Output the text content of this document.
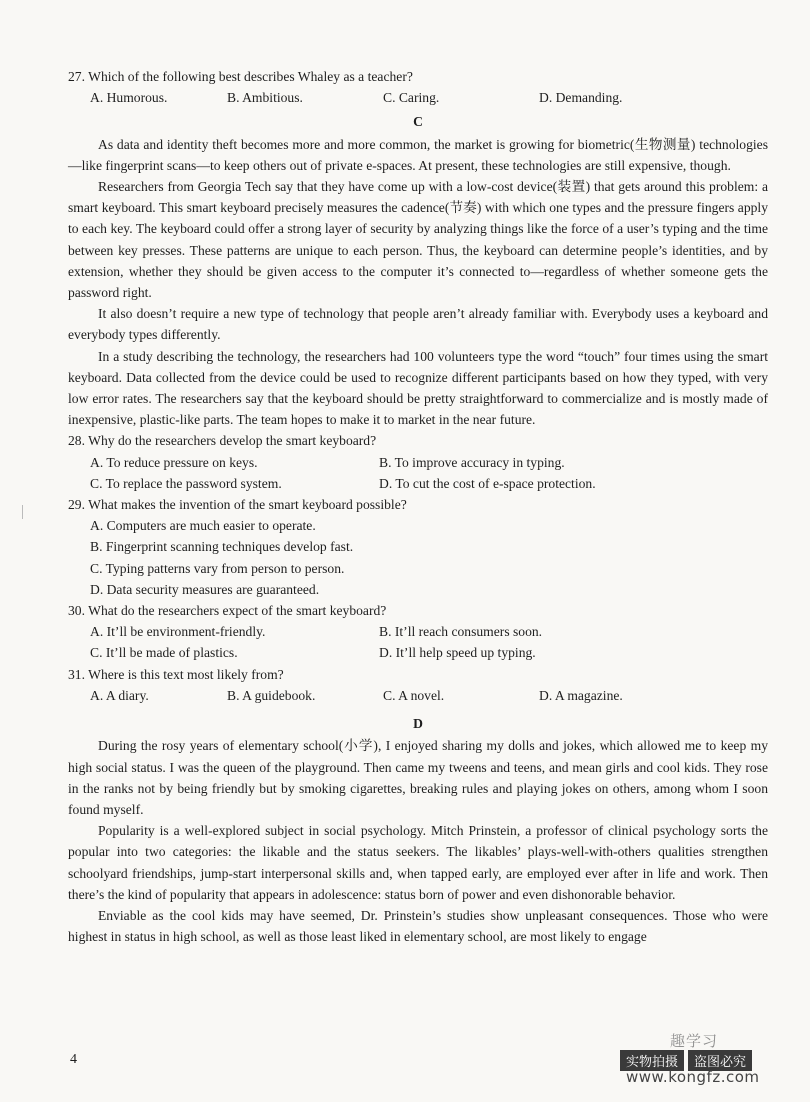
27. Which of the following best describes Whaley as a teacher?

A. Humorous.	B. Ambitious.	C. Caring.	D. Demanding.
C

As data and identity theft becomes more and more common, the market is growing for biometric(生物测量) technologies—like fingerprint scans—to keep others out of private e-spaces. At present, these technologies are still expensive, though.

Researchers from Georgia Tech say that they have come up with a low-cost device(装置) that gets around this problem: a smart keyboard. This smart keyboard precisely measures the cadence(节奏) with which one types and the pressure fingers apply to each key. The keyboard could offer a strong layer of security by analyzing things like the force of a user’s typing and the time between key presses. These patterns are unique to each person. Thus, the keyboard can determine people’s identities, and by extension, whether they should be given access to the computer it’s connected to—regardless of whether someone gets the password right.

It also doesn’t require a new type of technology that people aren’t already familiar with. Everybody uses a keyboard and everybody types differently.

In a study describing the technology, the researchers had 100 volunteers type the word “touch” four times using the smart keyboard. Data collected from the device could be used to recognize different participants based on how they typed, with very low error rates. The researchers say that the keyboard should be pretty straightforward to commercialize and is mostly made of inexpensive, plastic-like parts. The team hopes to make it to market in the near future.

28. Why do the researchers develop the smart keyboard?

A. To reduce pressure on keys.	B. To improve accuracy in typing.
C. To replace the password system.	D. To cut the cost of e-space protection.

29. What makes the invention of the smart keyboard possible?

A. Computers are much easier to operate.

B. Fingerprint scanning techniques develop fast.

C. Typing patterns vary from person to person.

D. Data security measures are guaranteed.

30. What do the researchers expect of the smart keyboard?

A. It’ll be environment-friendly.	B. It’ll reach consumers soon.
C. It’ll be made of plastics.	D. It’ll help speed up typing.

31. Where is this text most likely from?

A. A diary.	B. A guidebook.	C. A novel.	D. A magazine.
D

During the rosy years of elementary school(小学), I enjoyed sharing my dolls and jokes, which allowed me to keep my high social status. I was the queen of the playground. Then came my tweens and teens, and mean girls and cool kids. They rose in the ranks not by being friendly but by smoking cigarettes, breaking rules and playing jokes on others, among whom I soon found myself.

Popularity is a well-explored subject in social psychology. Mitch Prinstein, a professor of clinical psychology sorts the popular into two categories: the likable and the status seekers. The likables’ plays-well-with-others qualities strengthen schoolyard friendships, jump-start interpersonal skills and, when tapped early, are employed ever after in life and work. Then there’s the kind of popularity that appears in adolescence: status born of power and even dishonorable behavior.

Enviable as the cool kids may have seemed, Dr. Prinstein’s studies show unpleasant consequences. Those who were highest in status in high school, as well as those least liked in elementary school, are most likely to engage

4
趣学习
实物拍摄	盗图必究
www.kongfz.com
